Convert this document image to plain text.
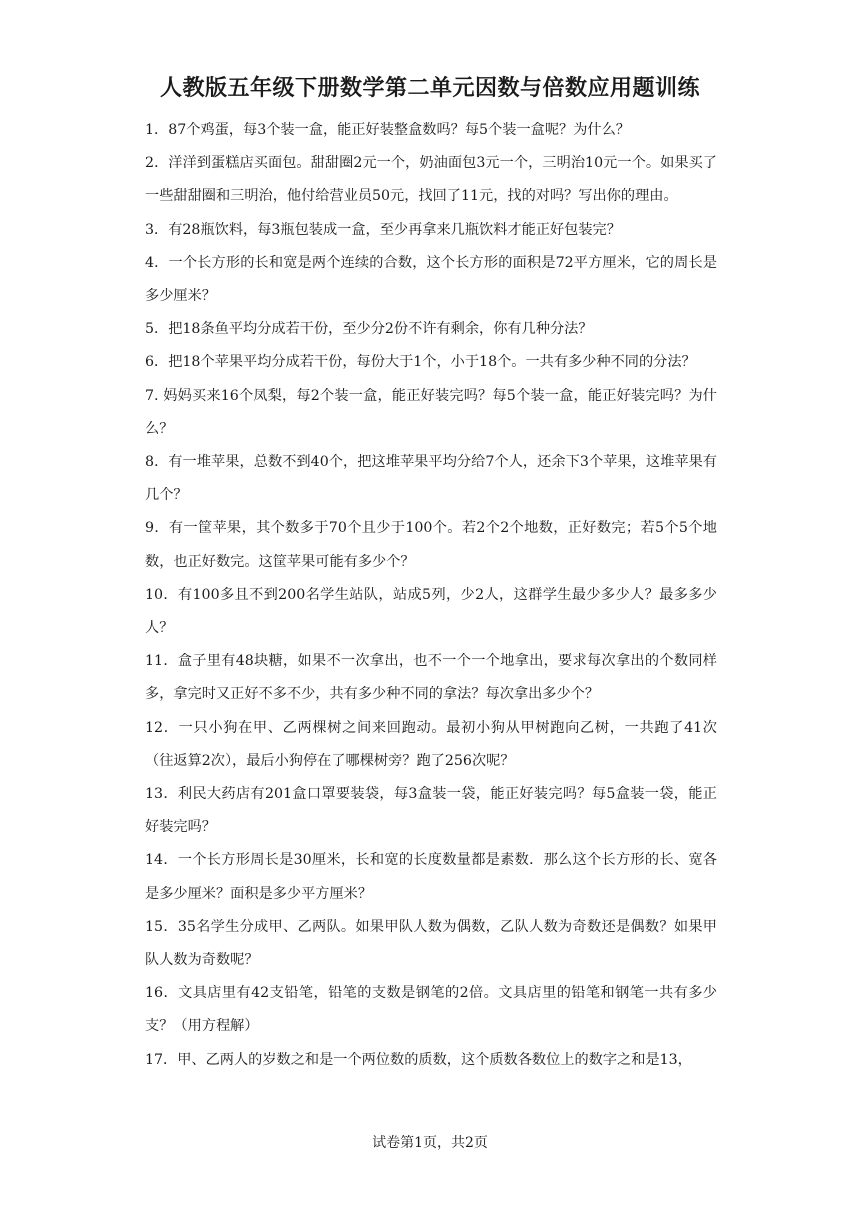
人教版五年级下册数学第二单元因数与倍数应用题训练

1．87个鸡蛋，每3个装一盒，能正好装整盒数吗？每5个装一盒呢？为什么？

2．洋洋到蛋糕店买面包。甜甜圈2元一个，奶油面包3元一个，三明治10元一个。如果买了一些甜甜圈和三明治，他付给营业员50元，找回了11元，找的对吗？写出你的理由。

3．有28瓶饮料，每3瓶包装成一盒，至少再拿来几瓶饮料才能正好包装完？

4．一个长方形的长和宽是两个连续的合数，这个长方形的面积是72平方厘米，它的周长是多少厘米？

5．把18条鱼平均分成若干份，至少分2份不许有剩余，你有几种分法？

6．把18个苹果平均分成若干份，每份大于1个，小于18个。一共有多少种不同的分法？

7. 妈妈买来16个凤梨，每2个装一盒，能正好装完吗？每5个装一盒，能正好装完吗？为什么？

8．有一堆苹果，总数不到40个，把这堆苹果平均分给7个人，还余下3个苹果，这堆苹果有几个？

9．有一筐苹果，其个数多于70个且少于100个。若2个2个地数，正好数完；若5个5个地数，也正好数完。这筐苹果可能有多少个？

10．有100多且不到200名学生站队，站成5列，少2人，这群学生最少多少人？最多多少人？

11．盒子里有48块糖，如果不一次拿出，也不一个一个地拿出，要求每次拿出的个数同样多，拿完时又正好不多不少，共有多少种不同的拿法？每次拿出多少个？

12．一只小狗在甲、乙两棵树之间来回跑动。最初小狗从甲树跑向乙树，一共跑了41次（往返算2次），最后小狗停在了哪棵树旁？跑了256次呢？

13．利民大药店有201盒口罩要装袋，每3盒装一袋，能正好装完吗？每5盒装一袋，能正好装完吗？

14．一个长方形周长是30厘米，长和宽的长度数量都是素数．那么这个长方形的长、宽各是多少厘米？面积是多少平方厘米？

15．35名学生分成甲、乙两队。如果甲队人数为偶数，乙队人数为奇数还是偶数？如果甲队人数为奇数呢？

16．文具店里有42支铅笔，铅笔的支数是钢笔的2倍。文具店里的铅笔和钢笔一共有多少支？（用方程解）

17．甲、乙两人的岁数之和是一个两位数的质数，这个质数各数位上的数字之和是13，

试卷第1页，共2页
